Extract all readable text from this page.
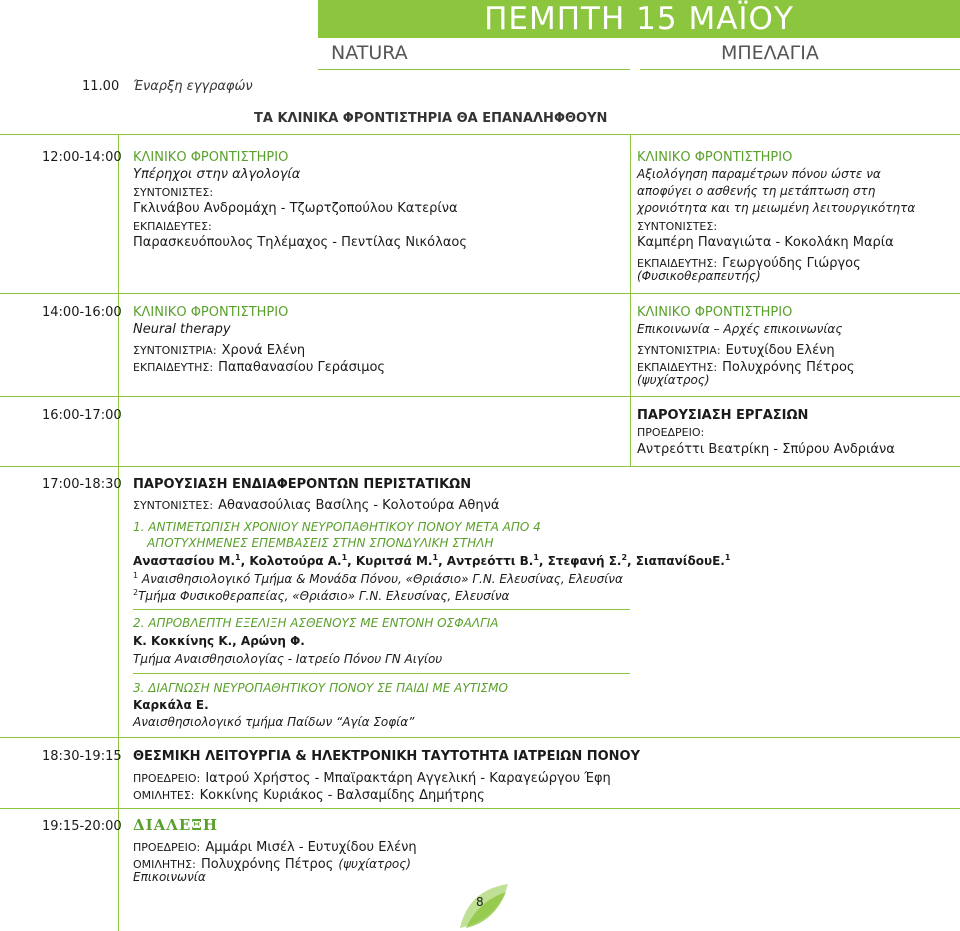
ΠΕΜΠΤΗ 15 ΜΑΪΟΥ
NATURA	ΜΠΕΛΑΓΙΑ
11.00 Έναρξη εγγραφών
ΤΑ ΚΛΙΝΙΚΑ ΦΡΟΝΤΙΣΤΗΡΙΑ ΘΑ ΕΠΑΝΑΛΗΦΘΟΥΝ
12:00-14:00 ΚΛΙΝΙΚΟ ΦΡΟΝΤΙΣΤΗΡΙΟ
Υπέρηχοι στην αλγολογία
ΣΥΝΤΟΝΙΣΤΕΣ:
Γκλινάβου Ανδρομάχη - Τζωρτζοπούλου Κατερίνα
ΕΚΠΑΙΔΕΥΤΕΣ:
Παρασκευόπουλος Τηλέμαχος - Πεντίλας Νικόλαος
ΚΛΙΝΙΚΟ ΦΡΟΝΤΙΣΤΗΡΙΟ
Αξιολόγηση παραμέτρων πόνου ώστε να
αποφύγει ο ασθενής τη μετάπτωση στη
χρονιότητα και τη μειωμένη λειτουργικότητα
ΣΥΝΤΟΝΙΣΤΕΣ:
Καμπέρη Παναγιώτα - Κοκολάκη Μαρία
ΕΚΠΑΙΔΕΥΤΗΣ: Γεωργούδης Γιώργος
(Φυσικοθεραπευτής)
14:00-16:00 ΚΛΙΝΙΚΟ ΦΡΟΝΤΙΣΤΗΡΙΟ
Neural therapy
ΣΥΝΤΟΝΙΣΤΡΙΑ: Χρονά Ελένη
ΕΚΠΑΙΔΕΥΤΗΣ: Παπαθανασίου Γεράσιμος
ΚΛΙΝΙΚΟ ΦΡΟΝΤΙΣΤΗΡΙΟ
Επικοινωνία – Αρχές επικοινωνίας
ΣΥΝΤΟΝΙΣΤΡΙΑ: Ευτυχίδου Ελένη
ΕΚΠΑΙΔΕΥΤΗΣ: Πολυχρόνης Πέτρος
(ψυχίατρος)
16:00-17:00	ΠΑΡΟΥΣΙΑΣΗ ΕΡΓΑΣΙΩΝ
ΠΡΟΕΔΡΕΙΟ:
Αντρεόττι Βεατρίκη - Σπύρου Ανδριάνα
17:00-18:30 ΠΑΡΟΥΣΙΑΣΗ ΕΝΔΙΑΦΕΡΟΝΤΩΝ ΠΕΡΙΣΤΑΤΙΚΩΝ
ΣΥΝΤΟΝΙΣΤΕΣ: Αθανασούλιας Βασίλης - Κολοτούρα Αθηνά
1. ΑΝΤΙΜΕΤΩΠΙΣΗ ΧΡΟΝΙΟΥ ΝΕΥΡΟΠΑΘΗΤΙΚΟΥ ΠΟΝΟΥ ΜΕΤΑ ΑΠΟ 4
ΑΠΟΤΥΧΗΜΕΝΕΣ ΕΠΕΜΒΑΣΕΙΣ ΣΤΗΝ ΣΠΟΝΔΥΛΙΚΗ ΣΤΗΛΗ
Αναστασίου Μ.$^1$, Κολοτούρα Α.$^1$, Κυριτσά Μ.$^1$, Αντρεόττι Β.$^1$, Στεφανή Σ.$^2$, ΣιαπανίδουΕ.$^1$
$^1$ Αναισθησιολογικό Τμήμα & Μονάδα Πόνου, «Θριάσιο» Γ.Ν. Ελευσίνας, Ελευσίνα
$^2$Τμήμα Φυσικοθεραπείας, «Θριάσιο» Γ.Ν. Ελευσίνας, Ελευσίνα
2. ΑΠΡΟΒΛΕΠΤΗ ΕΞΕΛΙΞΗ ΑΣΘΕΝΟΥΣ ΜΕ ΕΝΤΟΝΗ ΟΣΦΑΛΓΙΑ
Κ. Κοκκίνης Κ., Αρώνη Φ.
Τμήμα Αναισθησιολογίας - Ιατρείο Πόνου ΓΝ Αιγίου
3. ΔΙΑΓΝΩΣΗ ΝΕΥΡΟΠΑΘΗΤΙΚΟΥ ΠΟΝΟΥ ΣΕ ΠΑΙΔΙ ΜΕ ΑΥΤΙΣΜΟ
Καρκάλα Ε.
Αναισθησιολογικό τμήμα Παίδων “Αγία Σοφία”
18:30-19:15 ΘΕΣΜΙΚΗ ΛΕΙΤΟΥΡΓΙΑ & ΗΛΕΚΤΡΟΝΙΚΗ ΤΑΥΤΟΤΗΤΑ ΙΑΤΡΕΙΩΝ ΠΟΝΟΥ
ΠΡΟΕΔΡΕΙΟ: Ιατρού Χρήστος - Μπαϊρακτάρη Αγγελική - Καραγεώργου Έφη
ΟΜΙΛΗΤΕΣ: Κοκκίνης Κυριάκος - Βαλσαμίδης Δημήτρης
19:15-20:00 ΔΙΑΛΕΞΗ
ΠΡΟΕΔΡΕΙΟ: Αμμάρι Μισέλ - Ευτυχίδου Ελένη
ΟΜΙΛΗΤΗΣ: Πολυχρόνης Πέτρος (ψυχίατρος)
Επικοινωνία
8
